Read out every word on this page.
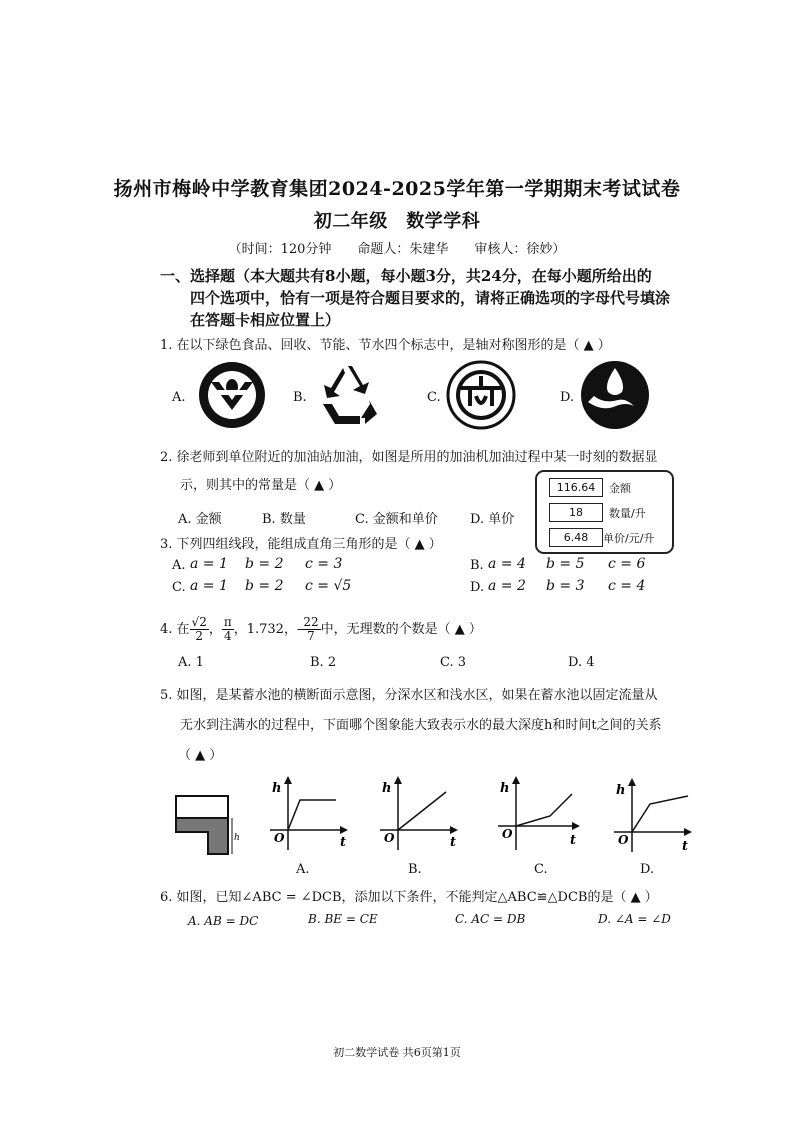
扬州市梅岭中学教育集团2024-2025学年第一学期期末考试试卷
初二年级　数学学科
（时间：120分钟　　命题人：朱建华　　审核人：徐妙）
一、选择题（本大题共有8小题，每小题3分，共24分，在每小题所给出的
四个选项中，恰有一项是符合题目要求的，请将正确选项的字母代号填涂
在答题卡相应位置上）
1. 在以下绿色食品、回收、节能、节水四个标志中，是轴对称图形的是（ ▲ ）
A.	B.	C.	D.
2. 徐老师到单位附近的加油站加油，如图是所用的加油机加油过程中某一时刻的数据显
示，则其中的常量是（ ▲ ）
A. 金额	B. 数量	C. 金额和单价 D. 单价
116.64	金额
18	数量/升
6.48	单价/元/升
3. 下列四组线段，能组成直角三角形的是（ ▲ ）
A. a = 1 b = 2 c = 3	B. a = 4 b = 5 c = 6
C. a = 1 b = 2 c = √5	D. a = 2 b = 3 c = 4
4. 在 $\frac{√2}{2}$ ， $\frac{\pi}{4}$ ，1.732，- $\frac{22}{7}$ 中，无理数的个数是（ ▲ ）
A. 1	B. 2	C. 3	D. 4
5. 如图，是某蓄水池的横断面示意图，分深水区和浅水区，如果在蓄水池以固定流量从
无水到注满水的过程中，下面哪个图象能大致表示水的最大深度h和时间t之间的关系
（ ▲ ）
h
h
O	t
A.
h
O	t
B.
h
O	t
C.
h
O	t
D.
6. 如图，已知∠ABC = ∠DCB，添加以下条件，不能判定△ABC≌△DCB的是（ ▲ ）
A. AB = DC	B. BE = CE	C. AC = DB	D. ∠A = ∠D
初二数学试卷 共6页第1页
